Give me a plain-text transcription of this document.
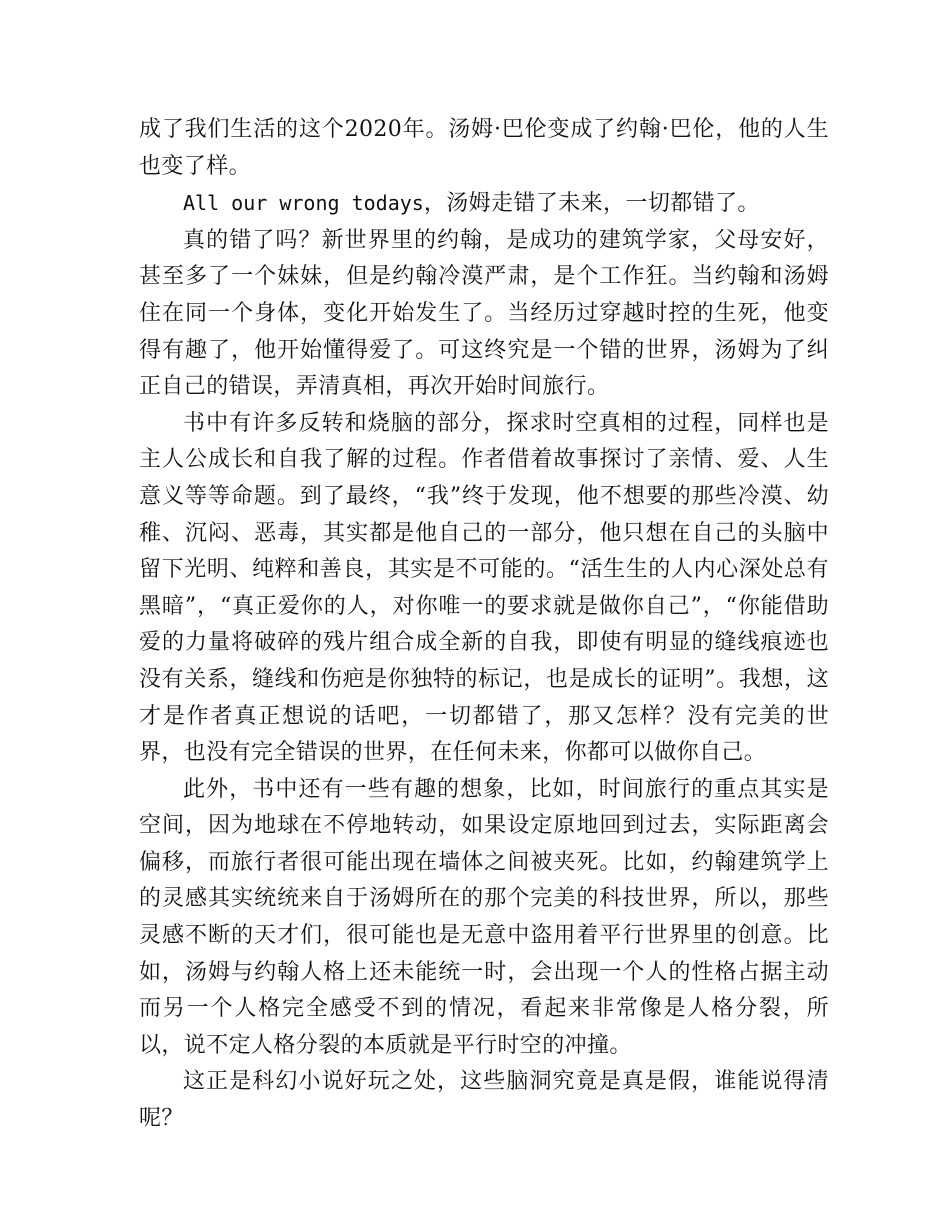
成了我们生活的这个2020年。汤姆·巴伦变成了约翰·巴伦，他的人生也变了样。

All our wrong todays，汤姆走错了未来，一切都错了。

真的错了吗？新世界里的约翰，是成功的建筑学家，父母安好，甚至多了一个妹妹，但是约翰冷漠严肃，是个工作狂。当约翰和汤姆住在同一个身体，变化开始发生了。当经历过穿越时控的生死，他变得有趣了，他开始懂得爱了。可这终究是一个错的世界，汤姆为了纠正自己的错误，弄清真相，再次开始时间旅行。

书中有许多反转和烧脑的部分，探求时空真相的过程，同样也是主人公成长和自我了解的过程。作者借着故事探讨了亲情、爱、人生意义等等命题。到了最终，“我”终于发现，他不想要的那些冷漠、幼稚、沉闷、恶毒，其实都是他自己的一部分，他只想在自己的头脑中留下光明、纯粹和善良，其实是不可能的。“活生生的人内心深处总有黑暗”，“真正爱你的人，对你唯一的要求就是做你自己”，“你能借助爱的力量将破碎的残片组合成全新的自我，即使有明显的缝线痕迹也没有关系，缝线和伤疤是你独特的标记，也是成长的证明”。我想，这才是作者真正想说的话吧，一切都错了，那又怎样？没有完美的世界，也没有完全错误的世界，在任何未来，你都可以做你自己。

此外，书中还有一些有趣的想象，比如，时间旅行的重点其实是空间，因为地球在不停地转动，如果设定原地回到过去，实际距离会偏移，而旅行者很可能出现在墙体之间被夹死。比如，约翰建筑学上的灵感其实统统来自于汤姆所在的那个完美的科技世界，所以，那些灵感不断的天才们，很可能也是无意中盗用着平行世界里的创意。比如，汤姆与约翰人格上还未能统一时，会出现一个人的性格占据主动而另一个人格完全感受不到的情况，看起来非常像是人格分裂，所以，说不定人格分裂的本质就是平行时空的冲撞。

这正是科幻小说好玩之处，这些脑洞究竟是真是假，谁能说得清呢？
